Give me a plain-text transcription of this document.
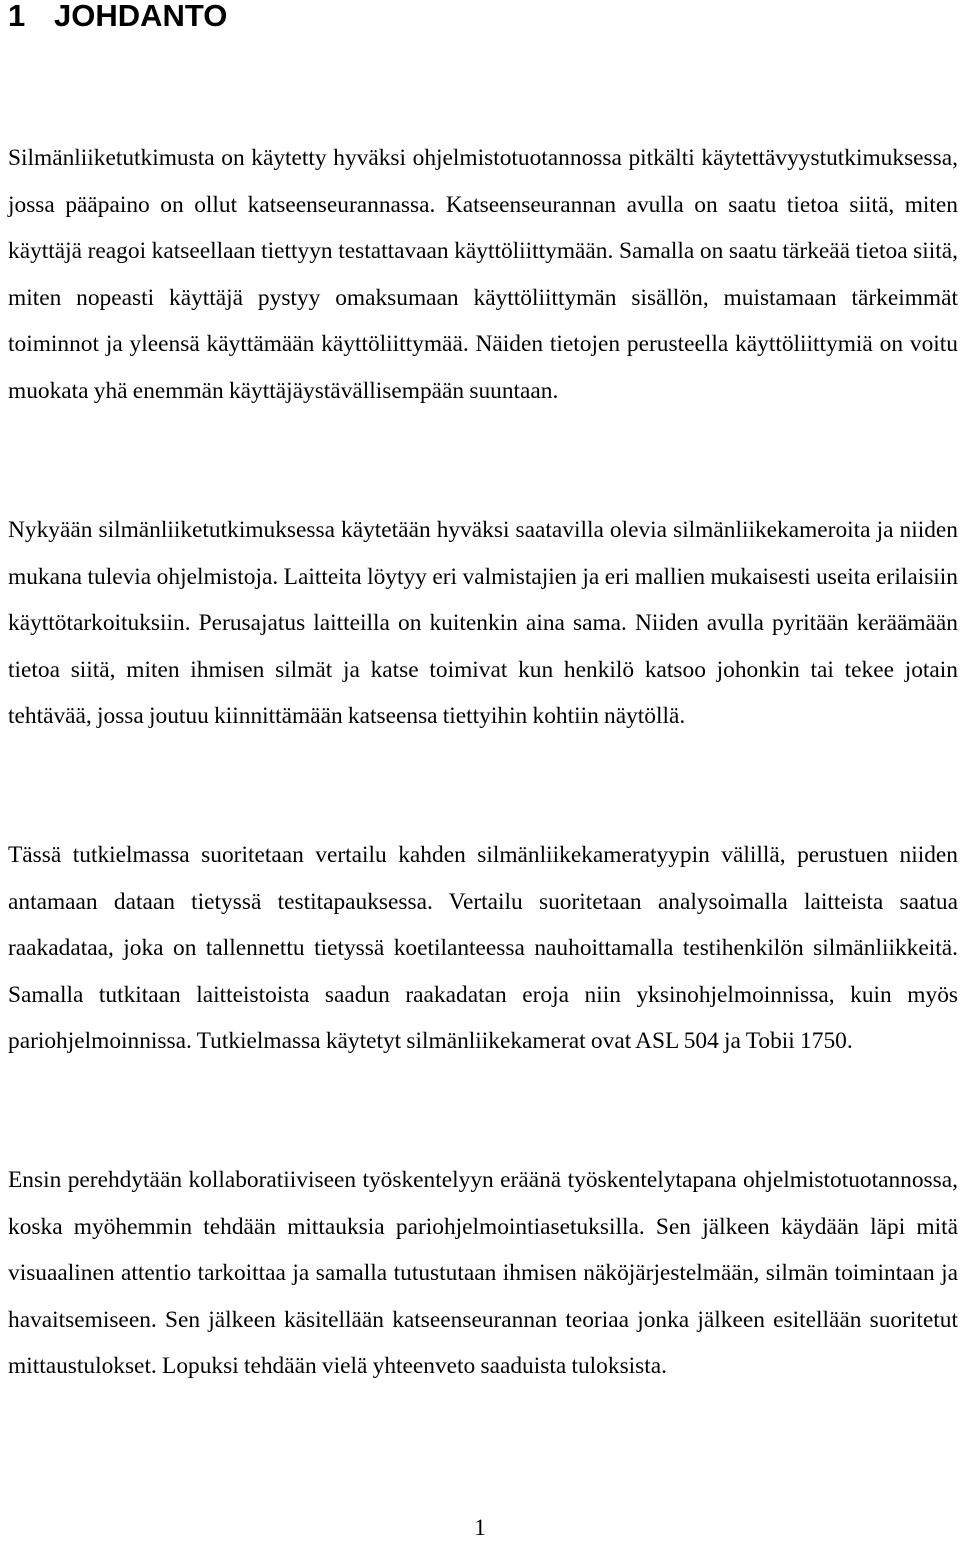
1 JOHDANTO

Silmänliiketutkimusta on käytetty hyväksi ohjelmistotuotannossa pitkälti käytettävyystutkimuksessa, jossa pääpaino on ollut katseenseurannassa. Katseenseurannan avulla on saatu tietoa siitä, miten käyttäjä reagoi katseellaan tiettyyn testattavaan käyttöliittymään. Samalla on saatu tärkeää tietoa siitä, miten nopeasti käyttäjä pystyy omaksumaan käyttöliittymän sisällön, muistamaan tärkeimmät toiminnot ja yleensä käyttämään käyttöliittymää. Näiden tietojen perusteella käyttöliittymiä on voitu muokata yhä enemmän käyttäjäystävällisempään suuntaan.

Nykyään silmänliiketutkimuksessa käytetään hyväksi saatavilla olevia silmänliikekameroita ja niiden mukana tulevia ohjelmistoja. Laitteita löytyy eri valmistajien ja eri mallien mukaisesti useita erilaisiin käyttötarkoituksiin. Perusajatus laitteilla on kuitenkin aina sama. Niiden avulla pyritään keräämään tietoa siitä, miten ihmisen silmät ja katse toimivat kun henkilö katsoo johonkin tai tekee jotain tehtävää, jossa joutuu kiinnittämään katseensa tiettyihin kohtiin näytöllä.

Tässä tutkielmassa suoritetaan vertailu kahden silmänliikekameratyypin välillä, perustuen niiden antamaan dataan tietyssä testitapauksessa. Vertailu suoritetaan analysoimalla laitteista saatua raakadataa, joka on tallennettu tietyssä koetilanteessa nauhoittamalla testihenkilön silmänliikkeitä. Samalla tutkitaan laitteistoista saadun raakadatan eroja niin yksinohjelmoinnissa, kuin myös pariohjelmoinnissa. Tutkielmassa käytetyt silmänliikekamerat ovat ASL 504 ja Tobii 1750.

Ensin perehdytään kollaboratiiviseen työskentelyyn eräänä työskentelytapana ohjelmistotuotannossa, koska myöhemmin tehdään mittauksia pariohjelmointiasetuksilla. Sen jälkeen käydään läpi mitä visuaalinen attentio tarkoittaa ja samalla tutustutaan ihmisen näköjärjestelmään, silmän toimintaan ja havaitsemiseen. Sen jälkeen käsitellään katseenseurannan teoriaa jonka jälkeen esitellään suoritetut mittaustulokset. Lopuksi tehdään vielä yhteenveto saaduista tuloksista.

1
